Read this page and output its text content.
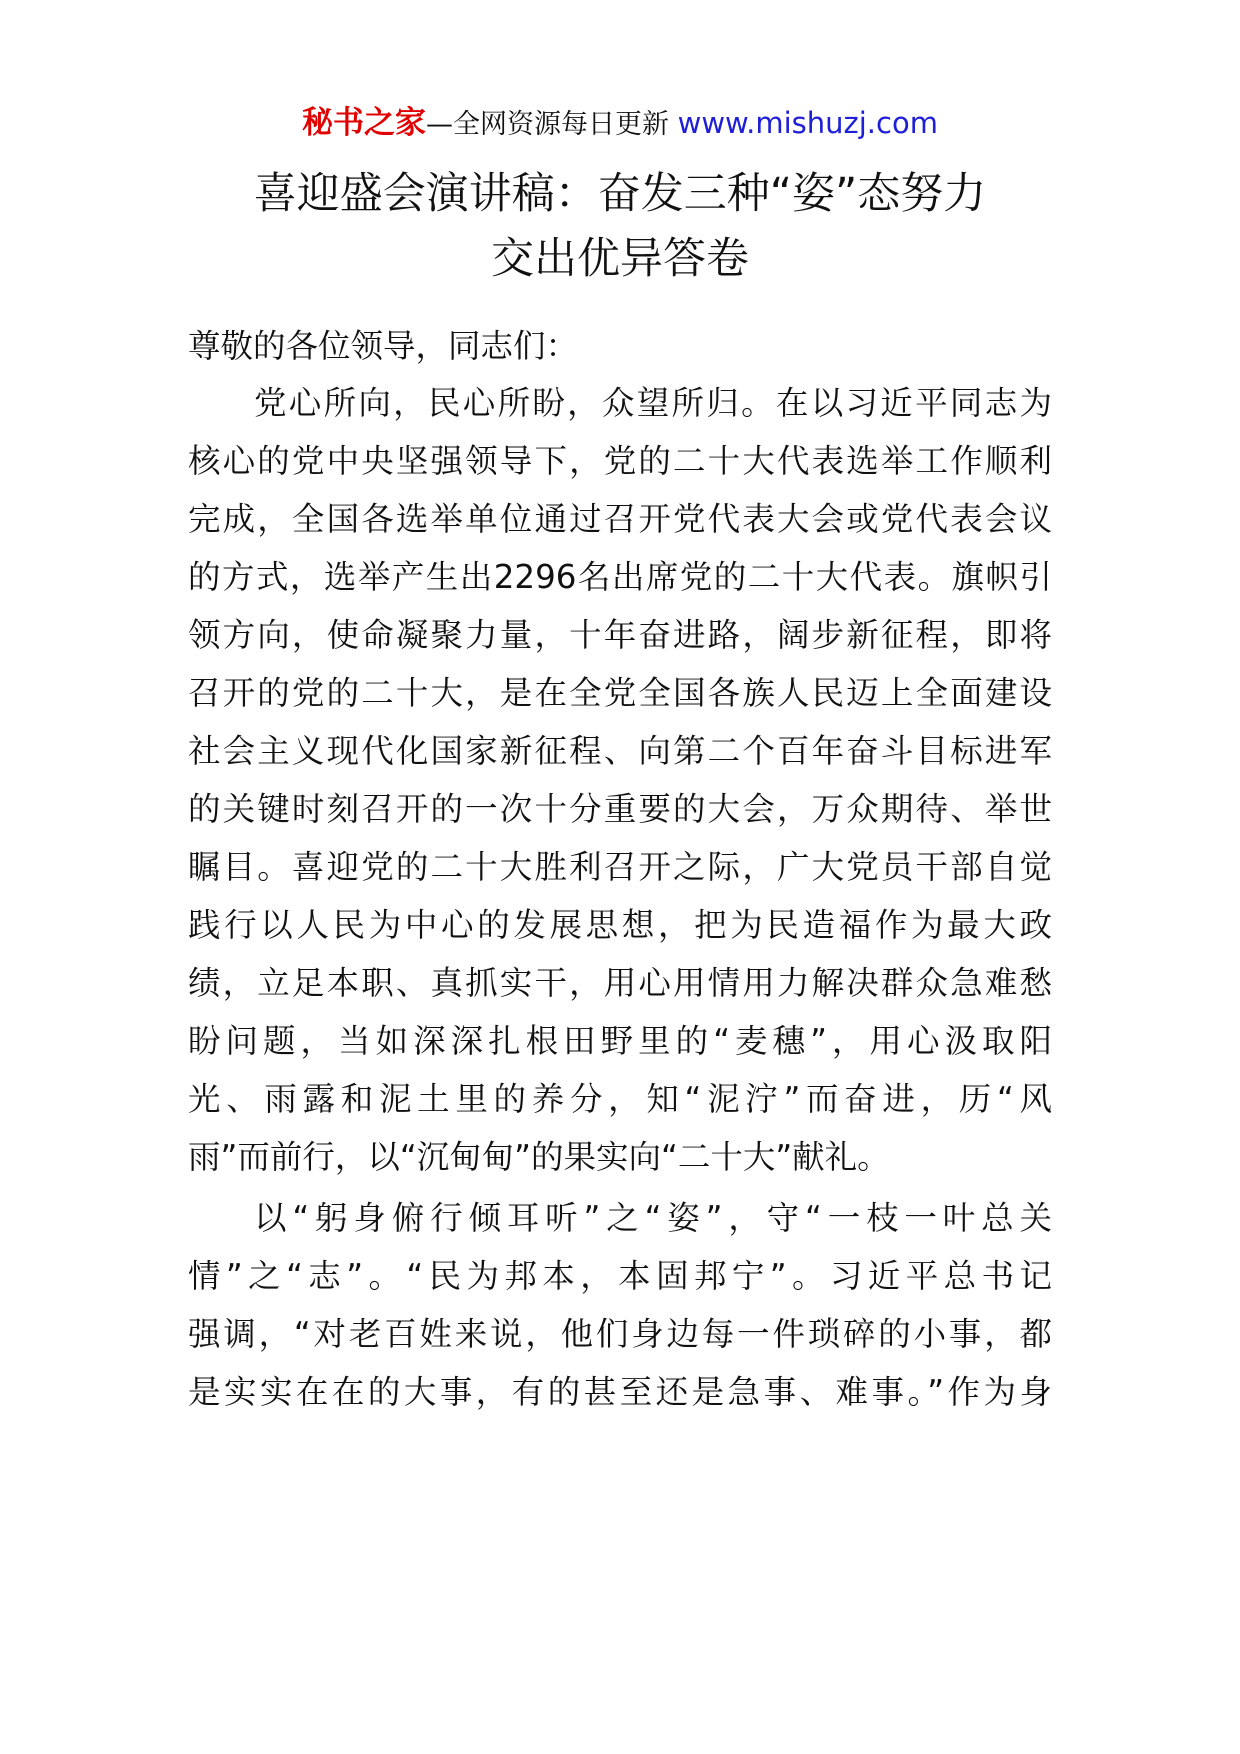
秘书之家—全网资源每日更新 www.mishuzj.com
喜迎盛会演讲稿：奋发三种“姿”态努力
交出优异答卷
尊敬的各位领导，同志们：
党心所向，民心所盼，众望所归。在以习近平同志为
核心的党中央坚强领导下，党的二十大代表选举工作顺利
完成，全国各选举单位通过召开党代表大会或党代表会议
的方式，选举产生出2296名出席党的二十大代表。旗帜引
领方向，使命凝聚力量，十年奋进路，阔步新征程，即将
召开的党的二十大，是在全党全国各族人民迈上全面建设
社会主义现代化国家新征程、向第二个百年奋斗目标进军
的关键时刻召开的一次十分重要的大会，万众期待、举世
瞩目。喜迎党的二十大胜利召开之际，广大党员干部自觉
践行以人民为中心的发展思想，把为民造福作为最大政
绩，立足本职、真抓实干，用心用情用力解决群众急难愁
盼问题，当如深深扎根田野里的“麦穗”，用心汲取阳
光、雨露和泥土里的养分，知“泥泞”而奋进，历“风
雨”而前行，以“沉甸甸”的果实向“二十大”献礼。
以“躬身俯行倾耳听”之“姿”，守“一枝一叶总关
情”之“志”。“民为邦本，本固邦宁”。习近平总书记
强调，“对老百姓来说，他们身边每一件琐碎的小事，都
是实实在在的大事，有的甚至还是急事、难事。”作为身
